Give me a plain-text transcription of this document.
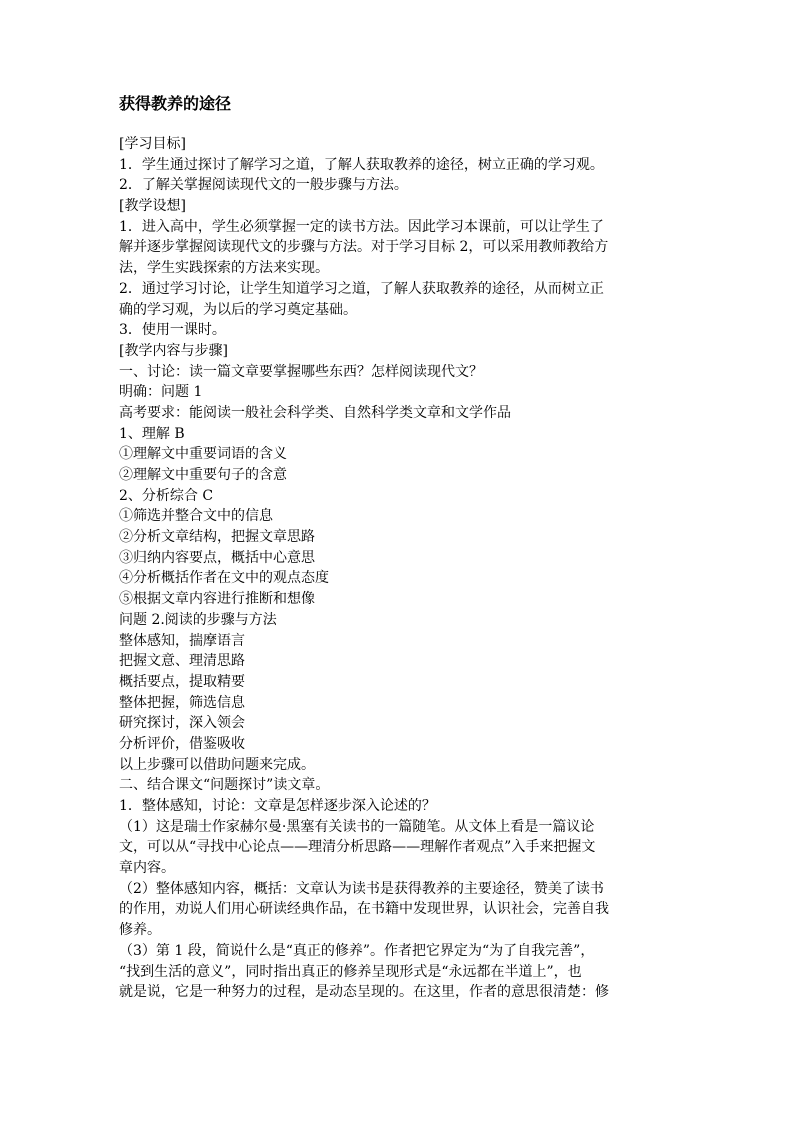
获得教养的途径
[学习目标]
1．学生通过探讨了解学习之道，了解人获取教养的途径，树立正确的学习观。
2．了解关掌握阅读现代文的一般步骤与方法。
[教学设想]
1．进入高中，学生必须掌握一定的读书方法。因此学习本课前，可以让学生了
解并逐步掌握阅读现代文的步骤与方法。对于学习目标 2，可以采用教师教给方
法，学生实践探索的方法来实现。
2．通过学习讨论，让学生知道学习之道，了解人获取教养的途径，从而树立正
确的学习观，为以后的学习奠定基础。
3．使用一课时。
[教学内容与步骤]
一、讨论：读一篇文章要掌握哪些东西？怎样阅读现代文？
明确：问题 1
高考要求：能阅读一般社会科学类、自然科学类文章和文学作品
1、理解 B
①理解文中重要词语的含义
②理解文中重要句子的含意
2、分析综合 C
①筛选并整合文中的信息
②分析文章结构，把握文章思路
③归纳内容要点，概括中心意思
④分析概括作者在文中的观点态度
⑤根据文章内容进行推断和想像
问题 2.阅读的步骤与方法
整体感知，揣摩语言
把握文意、理清思路
概括要点，提取精要
整体把握，筛选信息
研究探讨，深入领会
分析评价，借鉴吸收
以上步骤可以借助问题来完成。
二、结合课文“问题探讨”读文章。
1．整体感知，讨论：文章是怎样逐步深入论述的？
（1）这是瑞士作家赫尔曼·黑塞有关读书的一篇随笔。从文体上看是一篇议论
文，可以从“寻找中心论点——理清分析思路——理解作者观点”入手来把握文
章内容。
（2）整体感知内容，概括：文章认为读书是获得教养的主要途径，赞美了读书
的作用，劝说人们用心研读经典作品，在书籍中发现世界，认识社会，完善自我
修养。
（3）第 1 段，简说什么是“真正的修养”。作者把它界定为“为了自我完善”，
“找到生活的意义”，同时指出真正的修养呈现形式是“永远都在半道上”，也
就是说，它是一种努力的过程，是动态呈现的。在这里，作者的意思很清楚：修
